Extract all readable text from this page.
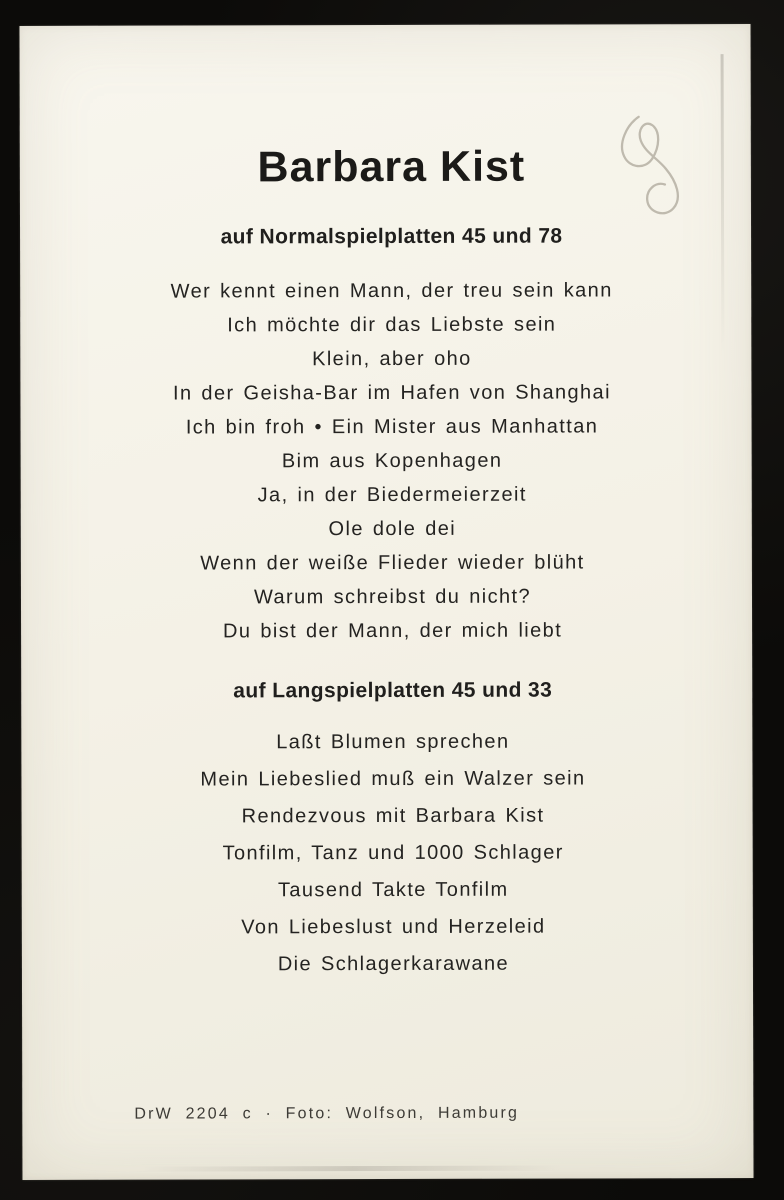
Barbara Kist
auf Normalspielplatten 45 und 78
Wer kennt einen Mann, der treu sein kann
Ich möchte dir das Liebste sein
Klein, aber oho
In der Geisha-Bar im Hafen von Shanghai
Ich bin froh • Ein Mister aus Manhattan
Bim aus Kopenhagen
Ja, in der Biedermeierzeit
Ole dole dei
Wenn der weiße Flieder wieder blüht
Warum schreibst du nicht?
Du bist der Mann, der mich liebt
auf Langspielplatten 45 und 33
Laßt Blumen sprechen
Mein Liebeslied muß ein Walzer sein
Rendezvous mit Barbara Kist
Tonfilm, Tanz und 1000 Schlager
Tausend Takte Tonfilm
Von Liebeslust und Herzeleid
Die Schlagerkarawane
DrW 2204 c · Foto: Wolfson, Hamburg
